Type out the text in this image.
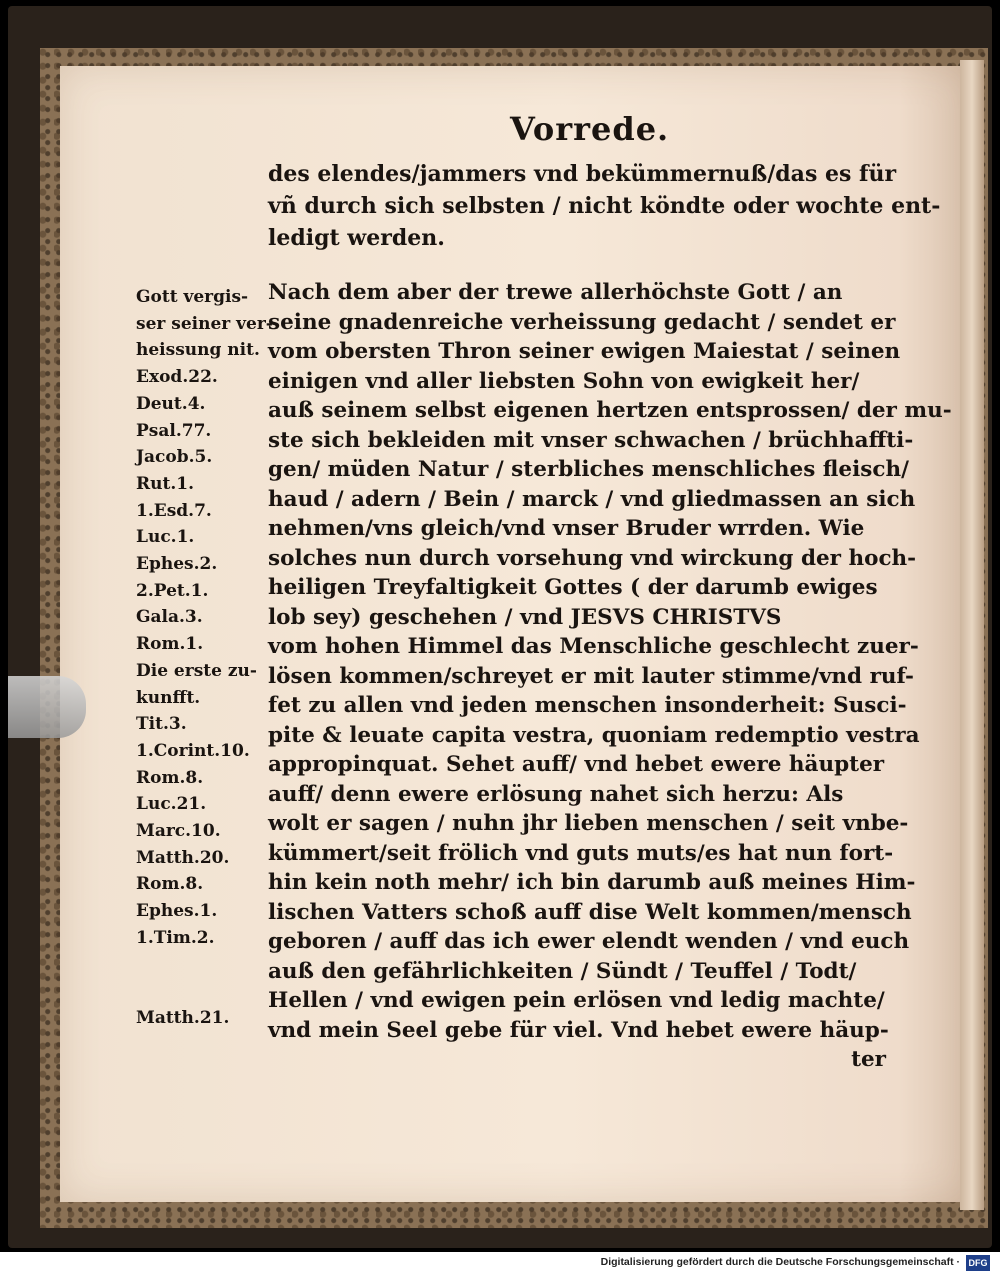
Vorrede.
des elendes/jammers vnd bekümmernuß/das es für
vñ durch sich selbsten / nicht köndte oder wochte ent-
ledigt werden.
Nach dem aber der trewe allerhöchste Gott / an
seine gnadenreiche verheissung gedacht / sendet er
vom obersten Thron seiner ewigen Maiestat / seinen
einigen vnd aller liebsten Sohn von ewigkeit her/
auß seinem selbst eigenen hertzen entsprossen/ der mu-
ste sich bekleiden mit vnser schwachen / brüchhaffti-
gen/ müden Natur / sterbliches menschliches fleisch/
haud / adern / Bein / marck / vnd gliedmassen an sich
nehmen/vns gleich/vnd vnser Bruder wrrden. Wie
solches nun durch vorsehung vnd wirckung der hoch-
heiligen Treyfaltigkeit Gottes ( der darumb ewiges
lob sey) geschehen / vnd JESVS CHRISTVS
vom hohen Himmel das Menschliche geschlecht zuer-
lösen kommen/schreyet er mit lauter stimme/vnd ruf-
fet zu allen vnd jeden menschen insonderheit: Susci-
pite & leuate capita vestra, quoniam redemptio vestra
appropinquat. Sehet auff/ vnd hebet ewere häupter
auff/ denn ewere erlösung nahet sich herzu: Als
wolt er sagen / nuhn jhr lieben menschen / seit vnbe-
kümmert/seit frölich vnd guts muts/es hat nun fort-
hin kein noth mehr/ ich bin darumb auß meines Him-
lischen Vatters schoß auff dise Welt kommen/mensch
geboren / auff das ich ewer elendt wenden / vnd euch
auß den gefährlichkeiten / Sündt / Teuffel / Todt/
Hellen / vnd ewigen pein erlösen vnd ledig machte/
vnd mein Seel gebe für viel. Vnd hebet ewere häup-
ter
Gott vergis-
ser seiner ver-
heissung nit.
Exod.22.
Deut.4.
Psal.77.
Jacob.5.
Rut.1.
1.Esd.7.
Luc.1.
Ephes.2.
2.Pet.1.
Gala.3.
Rom.1.
Die erste zu-
kunfft.
Tit.3.
1.Corint.10.
Rom.8.
Luc.21.
Marc.10.
Matth.20.
Rom.8.
Ephes.1.
1.Tim.2.
Matth.21.
Digitalisierung gefördert durch die Deutsche Forschungsgemeinschaft · DFG
